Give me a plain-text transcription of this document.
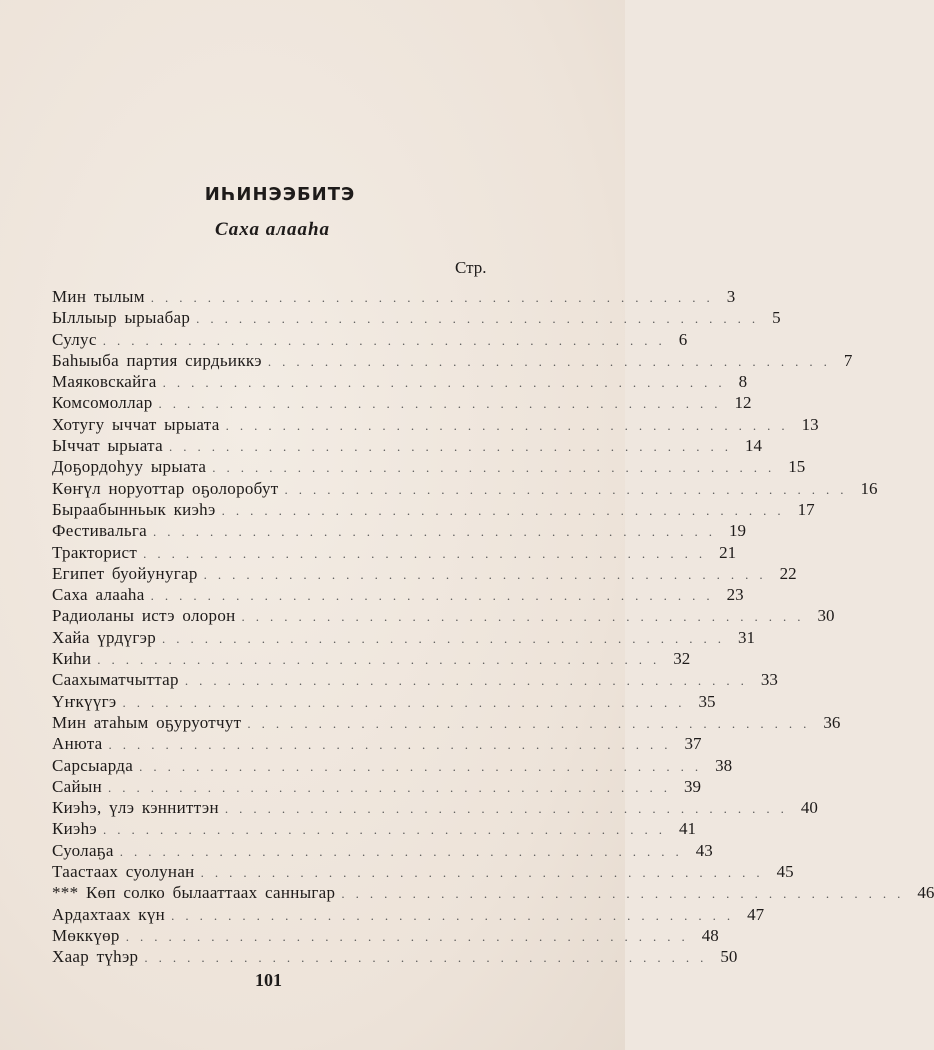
ИҺИНЭЭБИТЭ
Саха алааһа
Стр.
Мин тылым ........................................ 3
Ыллыыр ырыабар ........................................ 5
Сулус ........................................ 6
Баһыыба партия сирдьиккэ ........................................ 7
Маяковскайга ........................................ 8
Комсомоллар ........................................ 12
Хотугу ыччат ырыата ........................................ 13
Ыччат ырыата ........................................ 14
Доҕордоһуу ырыата ........................................ 15
Көҥүл норуоттар оҕолоробут ........................................ 16
Быраабынньык киэһэ ........................................ 17
Фестивальга ........................................ 19
Тракторист ........................................ 21
Египет буойунугар ........................................ 22
Саха алааһа ........................................ 23
Радиоланы истэ олорон ........................................ 30
Хайа үрдүгэр ........................................ 31
Киһи ........................................ 32
Саахыматчыттар ........................................ 33
Үҥкүүгэ ........................................ 35
Мин атаһым оҕуруотчут ........................................ 36
Анюта ........................................ 37
Сарсыарда ........................................ 38
Сайын ........................................ 39
Киэһэ, үлэ кэнниттэн ........................................ 40
Киэһэ ........................................ 41
Суолаҕа ........................................ 43
Таастаах суолунан ........................................ 45
*** Көп солко былааттаах санныгар ........................................ 46
Ардахтаах күн ........................................ 47
Мөккүөр ........................................ 48
Хаар түһэр ........................................ 50
101
